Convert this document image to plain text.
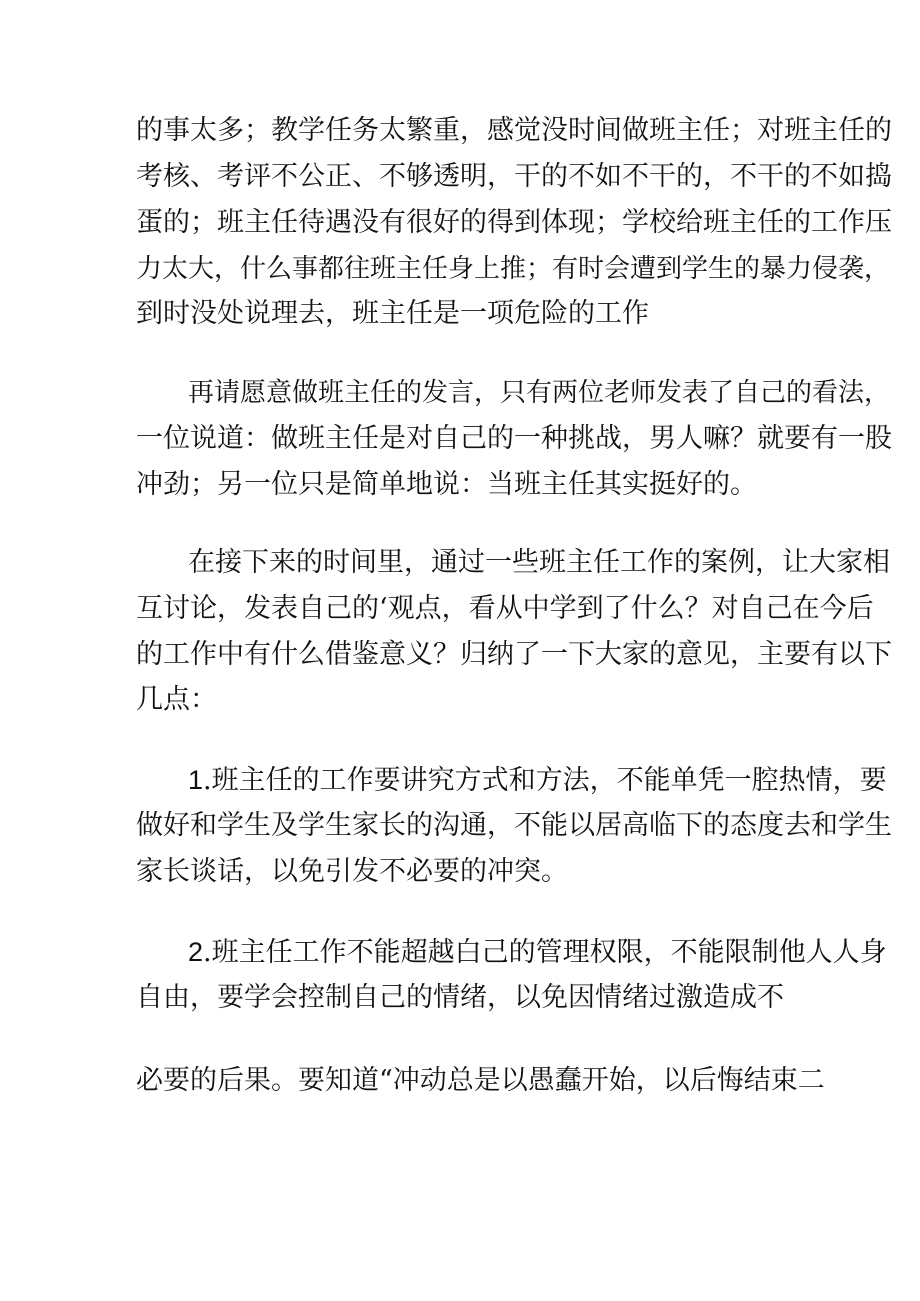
的事太多；教学任务太繁重，感觉没时间做班主任；对班主任的

考核、考评不公正、不够透明，干的不如不干的，不干的不如捣

蛋的；班主任待遇没有很好的得到体现；学校给班主任的工作压

力太大，什么事都往班主任身上推；有时会遭到学生的暴力侵袭，

到时没处说理去，班主任是一项危险的工作

再请愿意做班主任的发言，只有两位老师发表了自己的看法，

一位说道：做班主任是对自己的一种挑战，男人嘛？就要有一股

冲劲；另一位只是简单地说：当班主任其实挺好的。

在接下来的时间里，通过一些班主任工作的案例，让大家相

互讨论，发表自己的‘观点，看从中学到了什么？对自己在今后

的工作中有什么借鉴意义？归纳了一下大家的意见，主要有以下

几点：

1.班主任的工作要讲究方式和方法，不能单凭一腔热情，要

做好和学生及学生家长的沟通，不能以居高临下的态度去和学生

家长谈话，以免引发不必要的冲突。

2.班主任工作不能超越白己的管理权限，不能限制他人人身

自由，要学会控制自己的情绪，以免因情绪过激造成不

必要的后果。要知道“冲动总是以愚蠢开始，以后悔结束二
